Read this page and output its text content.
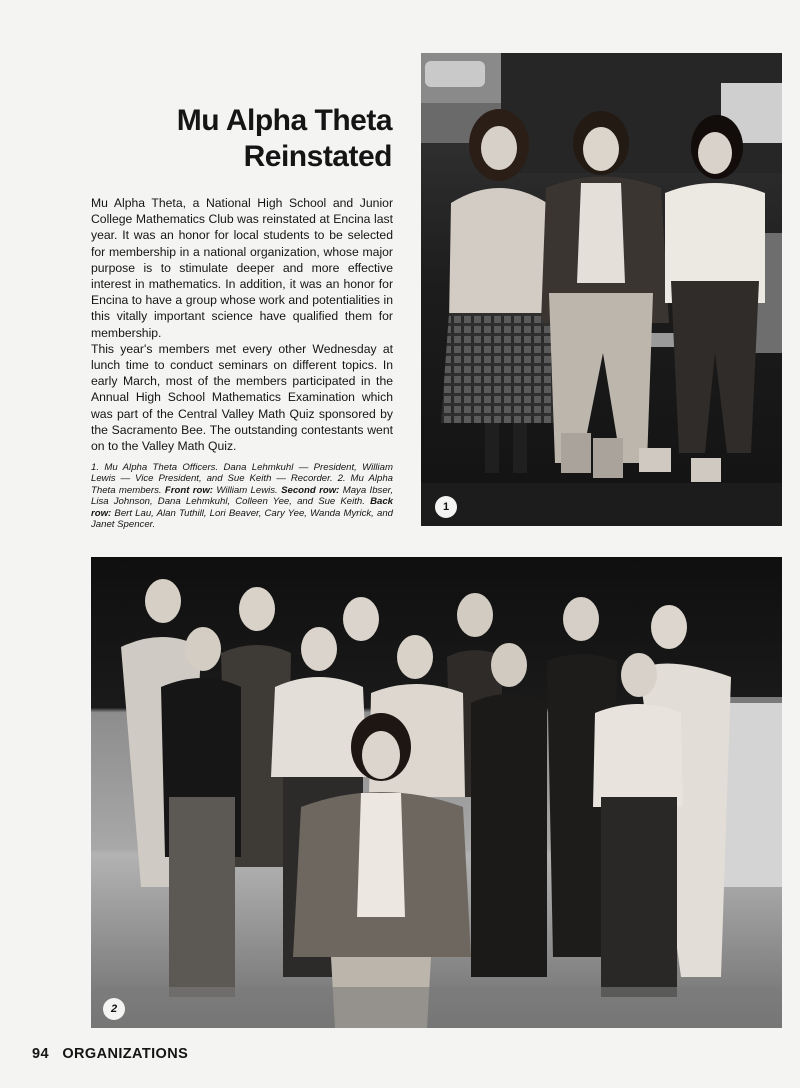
Mu Alpha Theta
Reinstated

Mu Alpha Theta, a National High School and Junior College Mathematics Club was reinstated at Encina last year. It was an honor for local students to be selected for membership in a national organization, whose major purpose is to stimulate deeper and more effective interest in mathematics. In addition, it was an honor for Encina to have a group whose work and potentialities in this vitally important science have qualified them for membership.

This year's members met every other Wednesday at lunch time to conduct seminars on different topics. In early March, most of the members participated in the Annual High School Mathematics Examination which was part of the Central Valley Math Quiz sponsored by the Sacramento Bee. The outstanding contestants went on to the Valley Math Quiz.

1. Mu Alpha Theta Officers. Dana Lehmkuhl — President, William Lewis — Vice President, and Sue Keith — Recorder. 2. Mu Alpha Theta members. Front row: William Lewis. Second row: Maya Ibser, Lisa Johnson, Dana Lehmkuhl, Colleen Yee, and Sue Keith. Back row: Bert Lau, Alan Tuthill, Lori Beaver, Cary Yee, Wanda Myrick, and Janet Spencer.
1
2
94 ORGANIZATIONS
